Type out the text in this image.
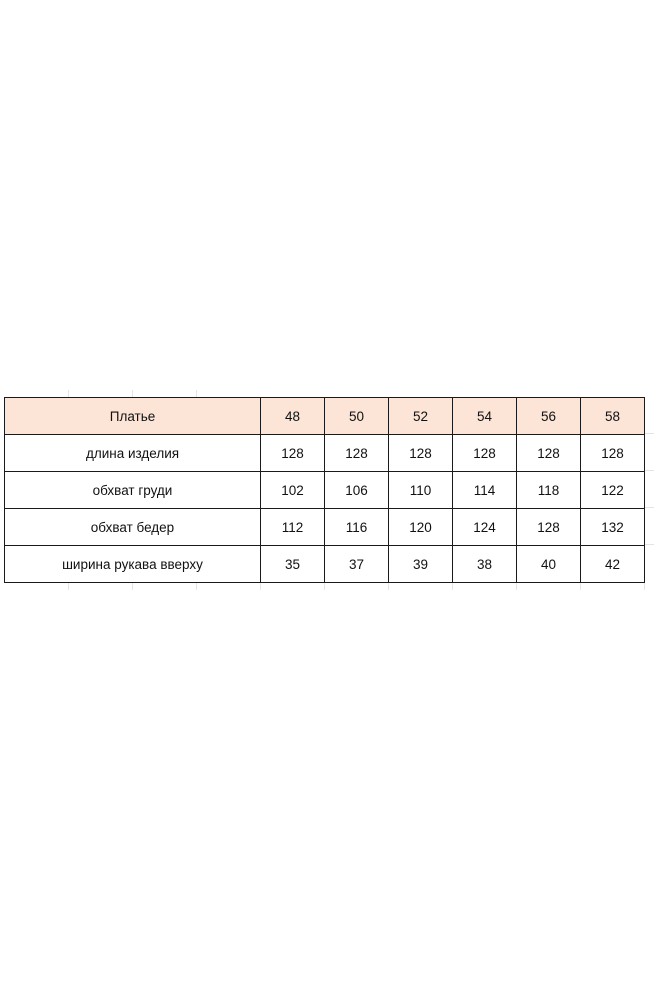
Платье	48	50	52	54	56	58
длина изделия	128	128	128	128	128	128
обхват груди	102	106	110	114	118	122
обхват бедер	112	116	120	124	128	132
ширина рукава вверху	35	37	39	38	40	42
